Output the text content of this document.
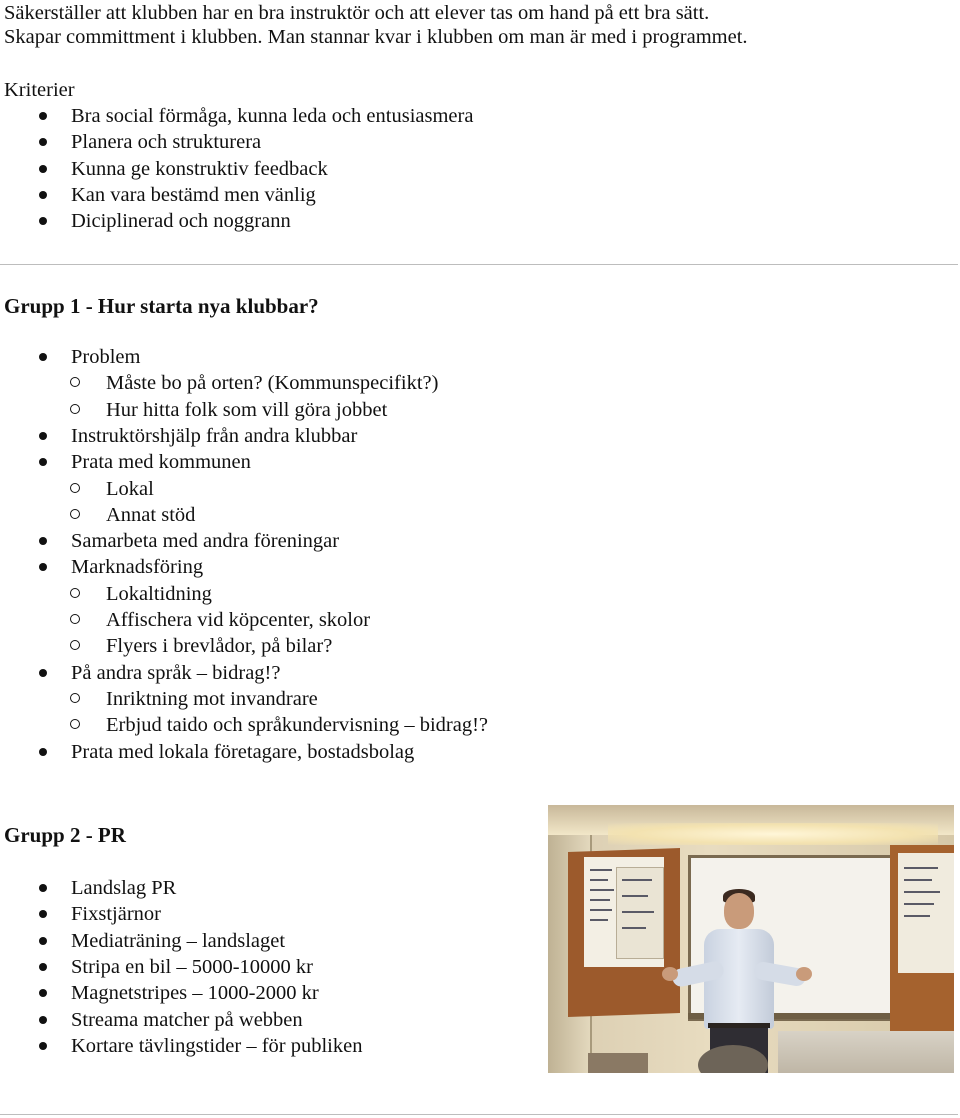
Säkerställer att klubben har en bra instruktör och att elever tas om hand på ett bra sätt.
Skapar committment i klubben. Man stannar kvar i klubben om man är med i programmet.
Kriterier
Bra social förmåga, kunna leda och entusiasmera
Planera och strukturera
Kunna ge konstruktiv feedback
Kan vara bestämd men vänlig
Diciplinerad och noggrann
Grupp 1 - Hur starta nya klubbar?
Problem
Måste bo på orten? (Kommunspecifikt?)
Hur hitta folk som vill göra jobbet
Instruktörshjälp från andra klubbar
Prata med kommunen
Lokal
Annat stöd
Samarbeta med andra föreningar
Marknadsföring
Lokaltidning
Affischera vid köpcenter, skolor
Flyers i brevlådor, på bilar?
På andra språk – bidrag!?
Inriktning mot invandrare
Erbjud taido och språkundervisning – bidrag!?
Prata med lokala företagare, bostadsbolag
Grupp 2 - PR
Landslag PR
Fixstjärnor
Mediaträning – landslaget
Stripa en bil – 5000-10000 kr
Magnetstripes – 1000-2000 kr
Streama matcher på webben
Kortare tävlingstider – för publiken
